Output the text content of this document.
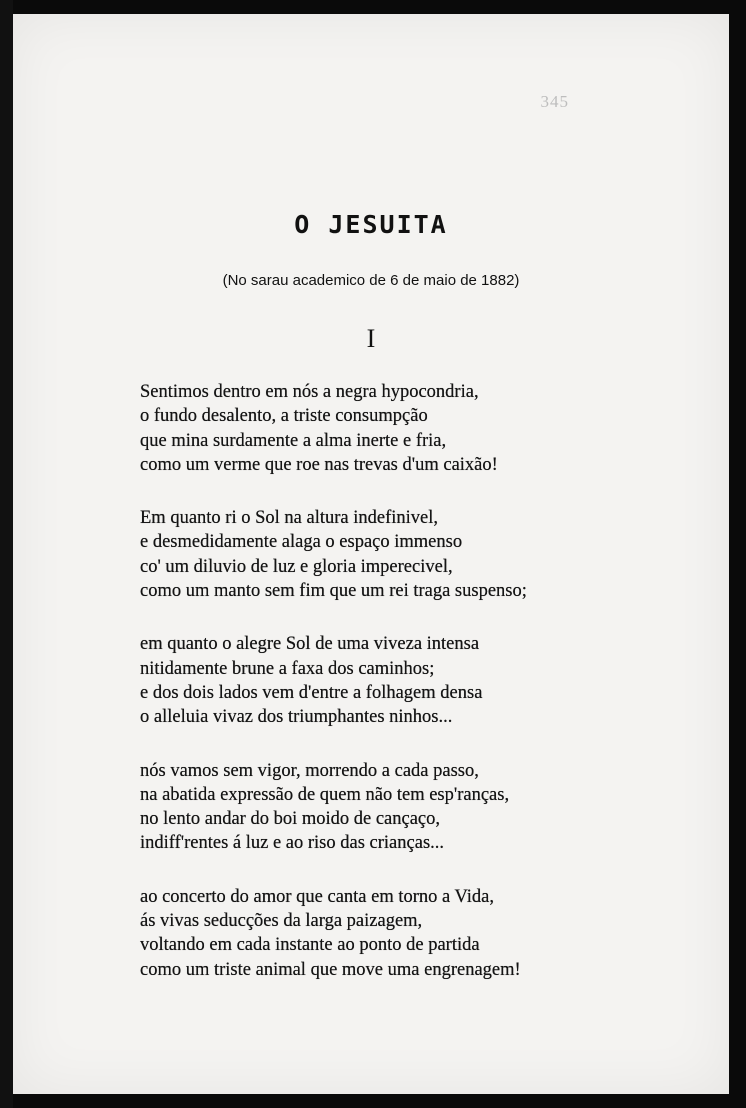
345
O JESUITA
(No sarau academico de 6 de maio de 1882)
I
Sentimos dentro em nós a negra hypocondria,
o fundo desalento, a triste consumpção
que mina surdamente a alma inerte e fria,
como um verme que roe nas trevas d'um caixão!
Em quanto ri o Sol na altura indefinivel,
e desmedidamente alaga o espaço immenso
co' um diluvio de luz e gloria imperecivel,
como um manto sem fim que um rei traga suspenso;
em quanto o alegre Sol de uma viveza intensa
nitidamente brune a faxa dos caminhos;
e dos dois lados vem d'entre a folhagem densa
o alleluia vivaz dos triumphantes ninhos...
nós vamos sem vigor, morrendo a cada passo,
na abatida expressão de quem não tem esp'ranças,
no lento andar do boi moido de cançaço,
indiff'rentes á luz e ao riso das crianças...
ao concerto do amor que canta em torno a Vida,
ás vivas seducções da larga paizagem,
voltando em cada instante ao ponto de partida
como um triste animal que move uma engrenagem!
